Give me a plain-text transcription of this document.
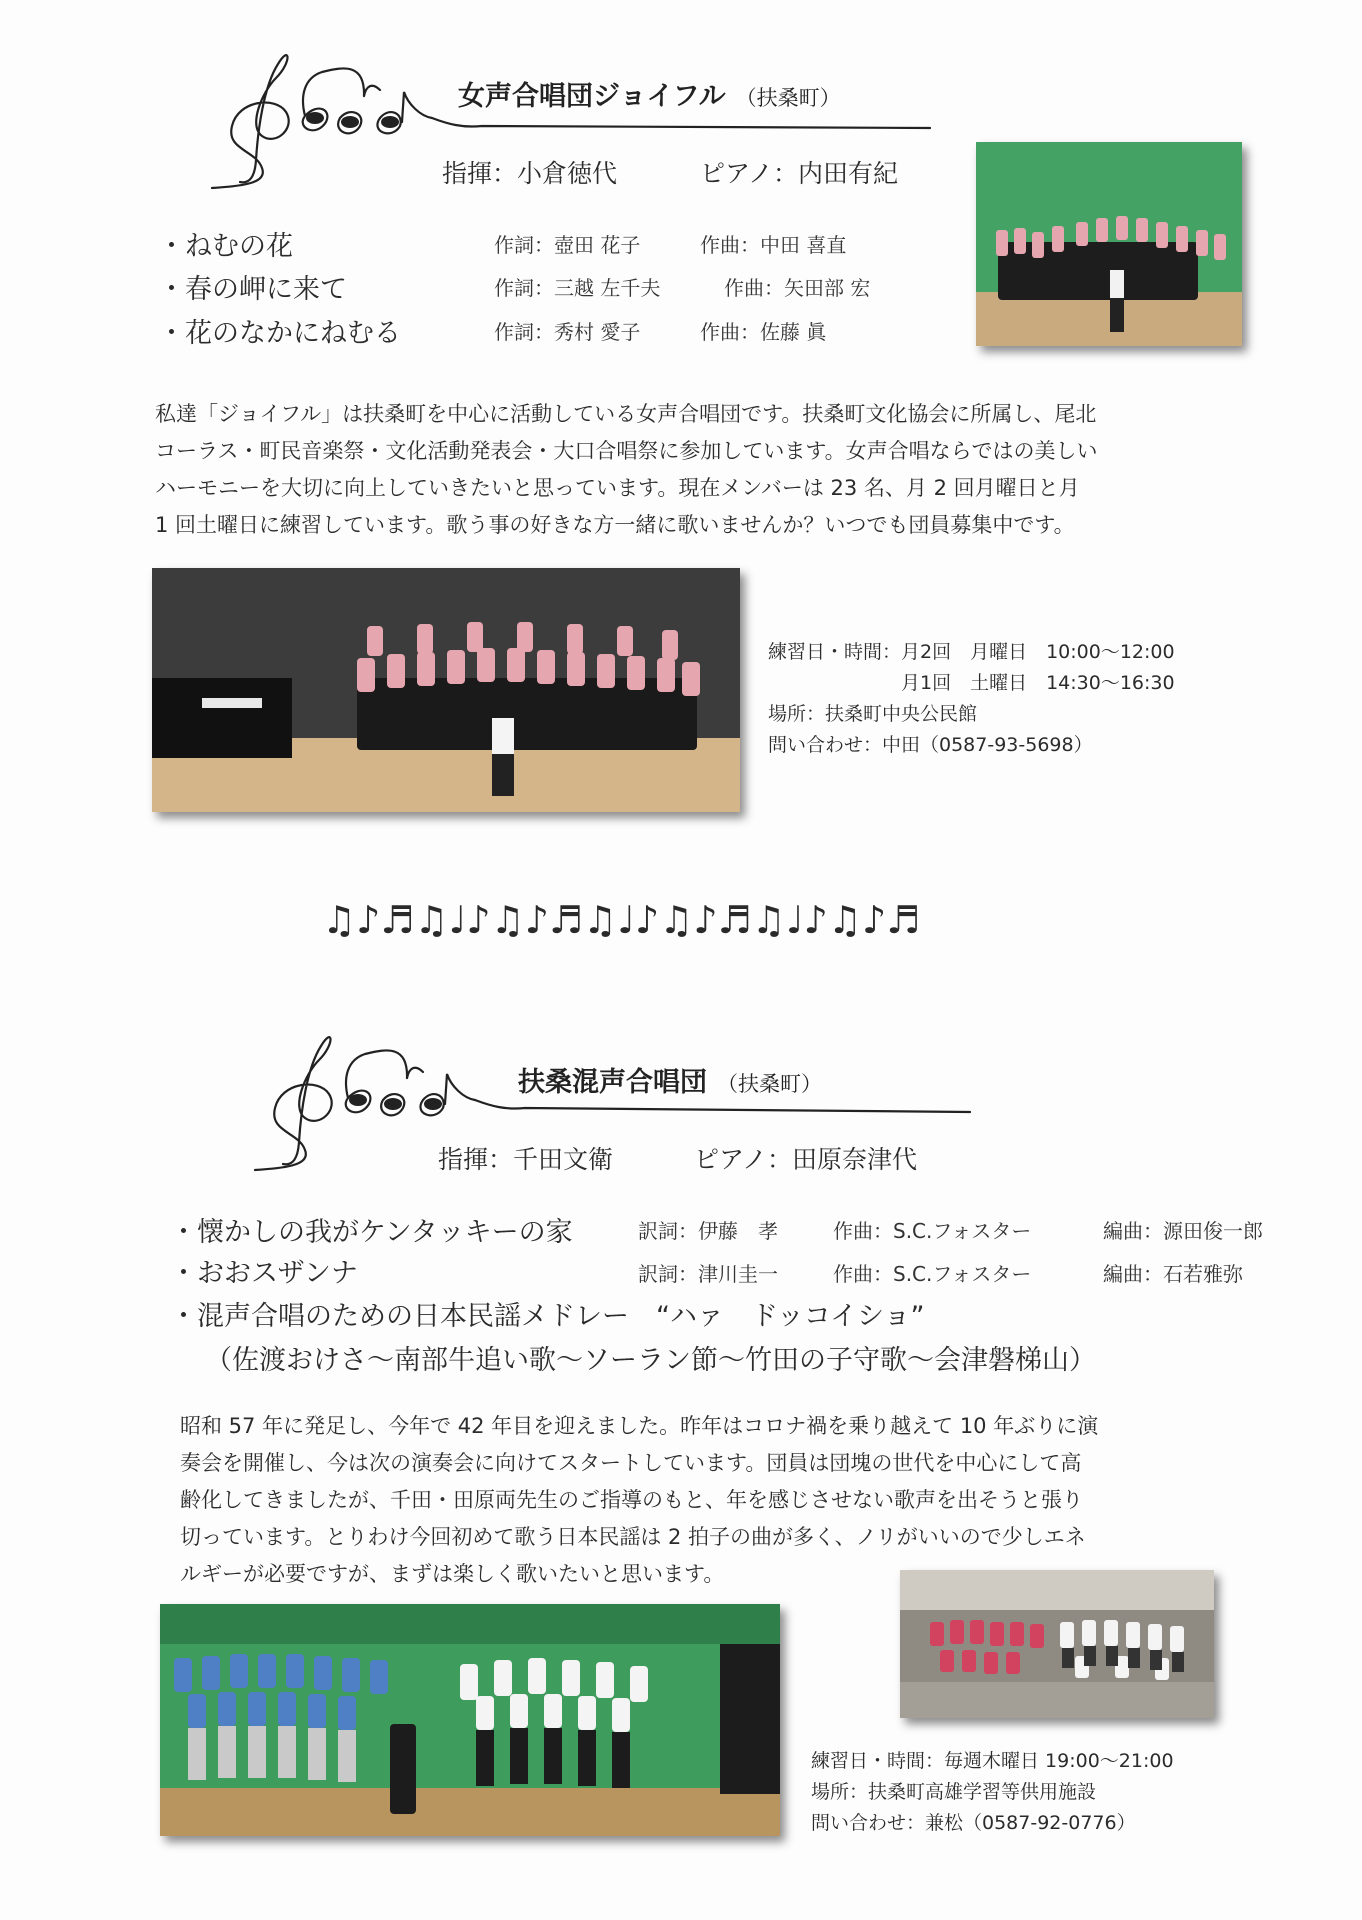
女声合唱団ジョイフル （扶桑町）
指揮：小倉徳代	ピアノ：内田有紀
・ねむの花	作詞：壺田 花子	作曲：中田 喜直
・春の岬に来て	作詞：三越 左千夫	作曲：矢田部 宏
・花のなかにねむる	作詞：秀村 愛子	作曲：佐藤 眞
私達「ジョイフル」は扶桑町を中心に活動している女声合唱団です。扶桑町文化協会に所属し、尾北
コーラス・町民音楽祭・文化活動発表会・大口合唱祭に参加しています。女声合唱ならではの美しい
ハーモニーを大切に向上していきたいと思っています。現在メンバーは 23 名、月 2 回月曜日と月
1 回土曜日に練習しています。歌う事の好きな方一緒に歌いませんか？いつでも団員募集中です。
練習日・時間：月2回　月曜日　10:00～12:00
　　　　　　　月1回　土曜日　14:30～16:30
場所：扶桑町中央公民館
問い合わせ：中田（0587-93-5698）
♫♪♬♫♩♪♫♪♬♫♩♪♫♪♬♫♩♪♫♪♬
扶桑混声合唱団 （扶桑町）
指揮：千田文衛	ピアノ：田原奈津代
・懐かしの我がケンタッキーの家	訳詞：伊藤　孝	作曲：S.C.フォスター	編曲：源田俊一郎
・おおスザンナ	訳詞：津川圭一	作曲：S.C.フォスター	編曲：石若雅弥
・混声合唱のための日本民謡メドレー　“ハァ　ドッコイショ”
（佐渡おけさ～南部牛追い歌～ソーラン節～竹田の子守歌～会津磐梯山）
昭和 57 年に発足し、今年で 42 年目を迎えました。昨年はコロナ禍を乗り越えて 10 年ぶりに演
奏会を開催し、今は次の演奏会に向けてスタートしています。団員は団塊の世代を中心にして高
齢化してきましたが、千田・田原両先生のご指導のもと、年を感じさせない歌声を出そうと張り
切っています。とりわけ今回初めて歌う日本民謡は 2 拍子の曲が多く、ノリがいいので少しエネ
ルギーが必要ですが、まずは楽しく歌いたいと思います。
練習日・時間：毎週木曜日 19:00～21:00
場所：扶桑町高雄学習等供用施設
問い合わせ：兼松（0587-92-0776）
